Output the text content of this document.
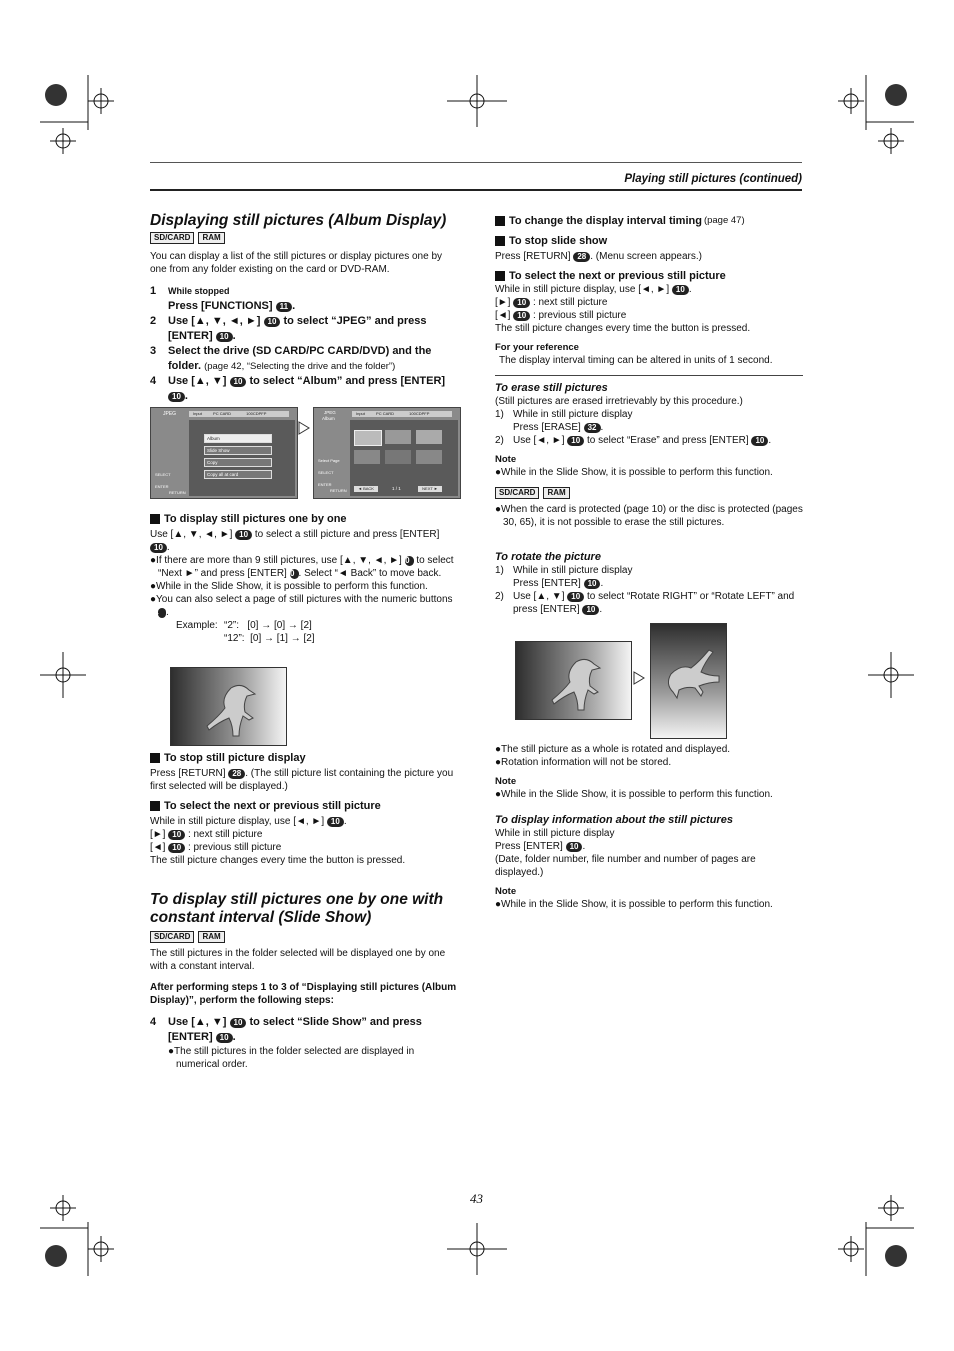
Playing still pictures (continued)
Displaying still pictures (Album Display)
SD/CARD	RAM

You can display a list of the still pictures or display pictures one by one from any folder existing on the card or DVD-RAM.

1	While stopped
Press [FUNCTIONS] 11 .
2	Use [▲, ▼, ◄, ►] 10 to select “JPEG” and press [ENTER] 10 .
3	Select the drive (SD CARD/PC CARD/DVD) and the folder. (page 42, “Selecting the drive and the folder”)
4	Use [▲, ▼] 10 to select “Album” and press [ENTER] 10 .
JPEG	Input	PC CARD	100CDPFP
Album
Slide Show
Copy
Copy all at card
SELECT
ENTER
RETURN
JPEG
Album
Input	PC CARD	100CDPFP
Select Page
SELECT
ENTER
RETURN	◄ BACK	1 / 1	NEXT ►
To display still pictures one by one

Use [▲, ▼, ◄, ►] 10 to select a still picture and press [ENTER] 10 .

●If there are more than 9 still pictures, use [▲, ▼, ◄, ►] 10 to select “Next ►” and press [ENTER] 10 . Select “◄ Back” to move back.

●While in the Slide Show, it is possible to perform this function.

●You can also select a page of still pictures with the numeric buttons 4 .

Example: “2”:   [0] → [0] → [2]
“12”:  [0] → [1] → [2]
To stop still picture display

Press [RETURN] 28 . (The still picture list containing the picture you first selected will be displayed.)

To select the next or previous still picture

While in still picture display, use [◄, ►] 10 .

[►] 10 : next still picture

[◄] 10 : previous still picture

The still picture changes every time the button is pressed.

To display still pictures one by one with constant interval (Slide Show)
SD/CARD	RAM

The still pictures in the folder selected will be displayed one by one with a constant interval.

After performing steps 1 to 3 of “Displaying still pictures (Album Display)”, perform the following steps:

4	Use [▲, ▼] 10 to select “Slide Show” and press [ENTER] 10 .

●The still pictures in the folder selected are displayed in numerical order.

To change the display interval timing (page 47)
To stop slide show

Press [RETURN] 28 . (Menu screen appears.)

To select the next or previous still picture

While in still picture display, use [◄, ►] 10 .

[►] 10 : next still picture

[◄] 10 : previous still picture

The still picture changes every time the button is pressed.

For your reference

The display interval timing can be altered in units of 1 second.

To erase still pictures

(Still pictures are erased irretrievably by this procedure.)

1) While in still picture display
Press [ERASE] 32 .
2) Use [◄, ►] 10 to select “Erase” and press [ENTER] 10 .

Note

●While in the Slide Show, it is possible to perform this function.

SD/CARD	RAM

●When the card is protected (page 10) or the disc is protected (pages 30, 65), it is not possible to erase the still pictures.

To rotate the picture
1) While in still picture display
Press [ENTER] 10 .
2) Use [▲, ▼] 10 to select “Rotate RIGHT” or “Rotate LEFT” and press [ENTER] 10 .

●The still picture as a whole is rotated and displayed.

●Rotation information will not be stored.

Note

●While in the Slide Show, it is possible to perform this function.

To display information about the still pictures

While in still picture display

Press [ENTER] 10 .

(Date, folder number, file number and number of pages are displayed.)

Note

●While in the Slide Show, it is possible to perform this function.

43
